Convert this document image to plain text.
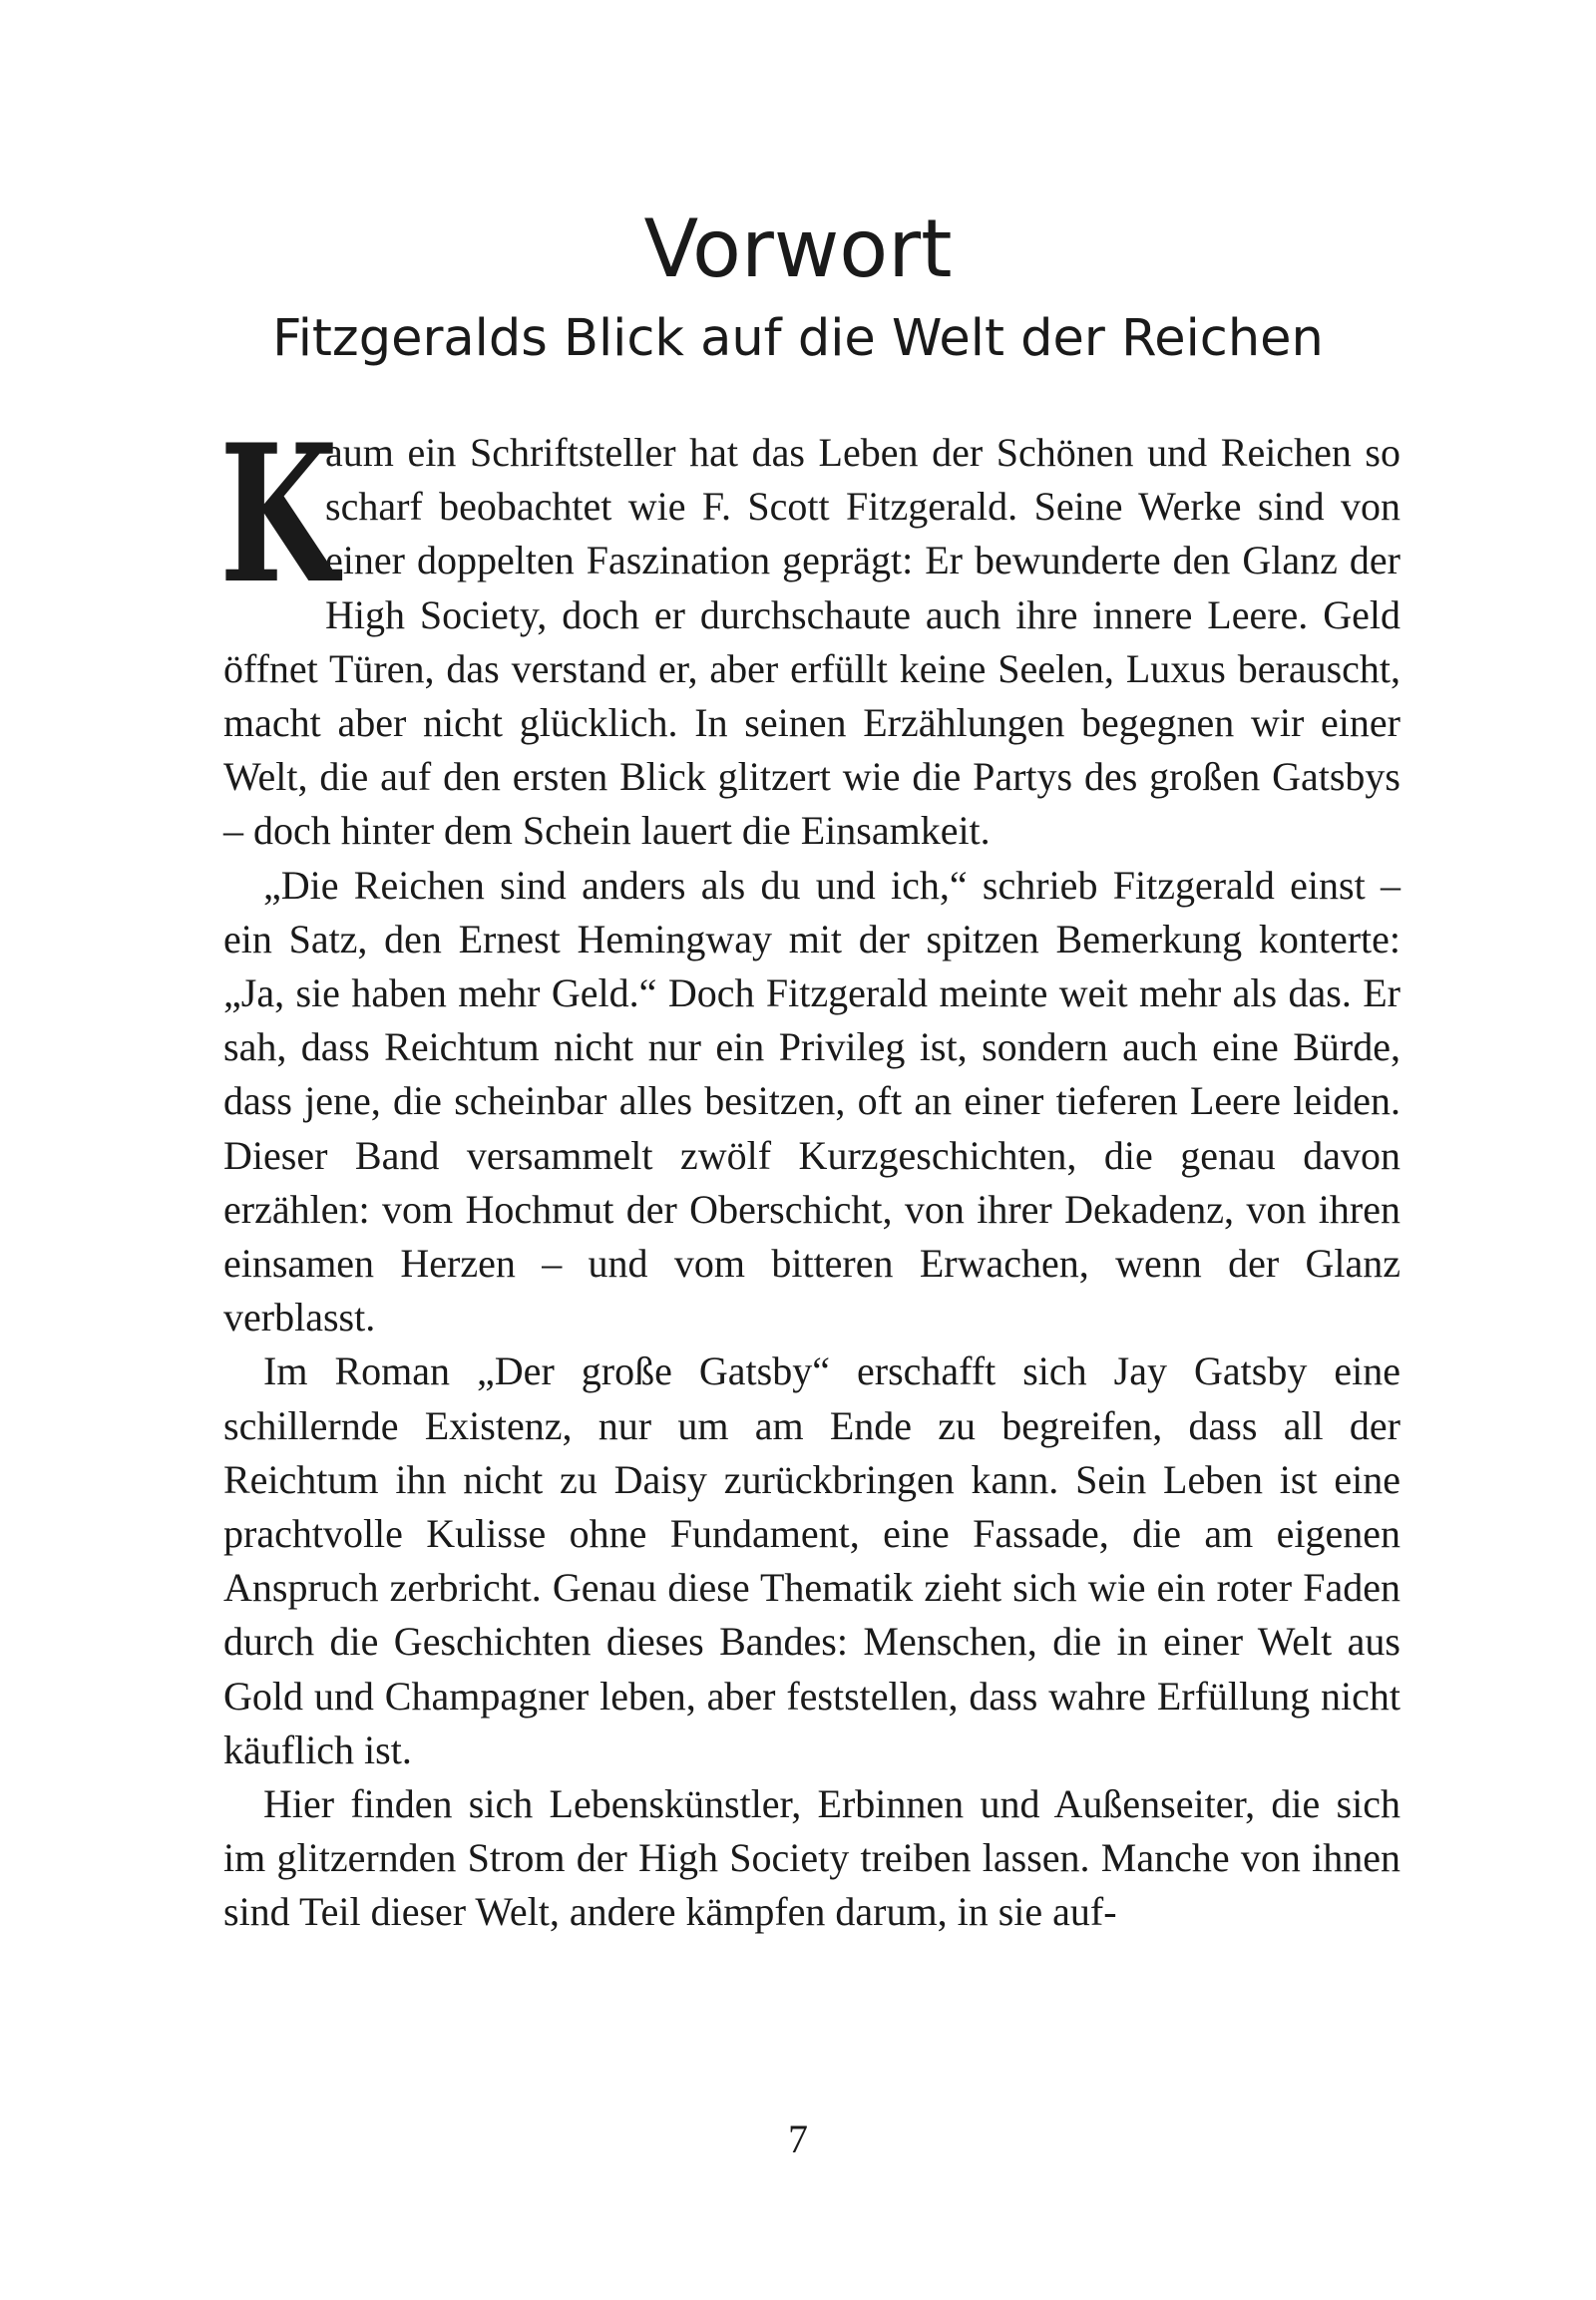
Vorwort
Fitzgeralds Blick auf die Welt der Reichen

K
aum ein Schriftsteller hat das Leben der Schönen und Reichen so scharf beobachtet wie F. Scott Fitzgerald. Seine Werke sind von einer doppelten Faszination geprägt: Er bewunderte den Glanz der High Society, doch er durchschaute auch ihre innere Leere. Geld öffnet Türen, das verstand er, aber erfüllt keine Seelen, Luxus berauscht, macht aber nicht glücklich. In seinen Erzählungen begegnen wir einer Welt, die auf den ersten Blick glitzert wie die Partys des großen Gatsbys – doch hinter dem Schein lauert die Einsamkeit.

„Die Reichen sind anders als du und ich,“ schrieb Fitzgerald einst – ein Satz, den Ernest Hemingway mit der spitzen Bemerkung konterte: „Ja, sie haben mehr Geld.“ Doch Fitzgerald meinte weit mehr als das. Er sah, dass Reichtum nicht nur ein Privileg ist, sondern auch eine Bürde, dass jene, die scheinbar alles besitzen, oft an einer tieferen Leere leiden. Dieser Band versammelt zwölf Kurzgeschichten, die genau davon erzählen: vom Hochmut der Oberschicht, von ihrer Dekadenz, von ihren einsamen Herzen – und vom bitteren Erwachen, wenn der Glanz verblasst.

Im Roman „Der große Gatsby“ erschafft sich Jay Gatsby eine schillernde Existenz, nur um am Ende zu begreifen, dass all der Reichtum ihn nicht zu Daisy zurückbringen kann. Sein Leben ist eine prachtvolle Kulisse ohne Fundament, eine Fassade, die am eigenen Anspruch zerbricht. Genau diese Thematik zieht sich wie ein roter Faden durch die Geschichten dieses Bandes: Menschen, die in einer Welt aus Gold und Champagner leben, aber feststellen, dass wahre Erfüllung nicht käuflich ist.

Hier finden sich Lebenskünstler, Erbinnen und Außenseiter, die sich im glitzernden Strom der High Society treiben lassen. Manche von ihnen sind Teil dieser Welt, andere kämpfen darum, in sie auf-

7
